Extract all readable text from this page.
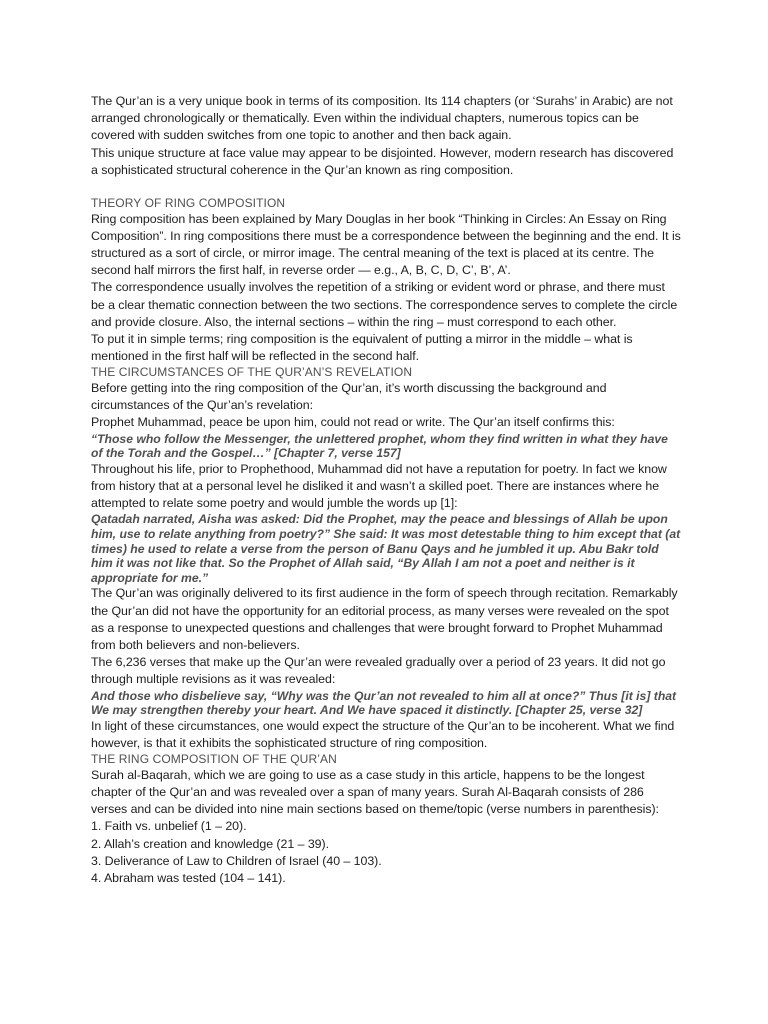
The Qur’an is a very unique book in terms of its composition. Its 114 chapters (or ‘Surahs’ in Arabic) are not arranged chronologically or thematically. Even within the individual chapters, numerous topics can be covered with sudden switches from one topic to another and then back again.

This unique structure at face value may appear to be disjointed. However, modern research has discovered a sophisticated structural coherence in the Qur’an known as ring composition.

THEORY OF RING COMPOSITION

Ring composition has been explained by Mary Douglas in her book “Thinking in Circles: An Essay on Ring Composition”. In ring compositions there must be a correspondence between the beginning and the end. It is structured as a sort of circle, or mirror image. The central meaning of the text is placed at its centre. The second half mirrors the first half, in reverse order — e.g., A, B, C, D, C’, B’, A’.

The correspondence usually involves the repetition of a striking or evident word or phrase, and there must be a clear thematic connection between the two sections. The correspondence serves to complete the circle and provide closure. Also, the internal sections – within the ring – must correspond to each other.

To put it in simple terms; ring composition is the equivalent of putting a mirror in the middle – what is mentioned in the first half will be reflected in the second half.

THE CIRCUMSTANCES OF THE QUR’AN’S REVELATION

Before getting into the ring composition of the Qur’an, it’s worth discussing the background and circumstances of the Qur’an’s revelation:

Prophet Muhammad, peace be upon him, could not read or write. The Qur’an itself confirms this:

“Those who follow the Messenger, the unlettered prophet, whom they find written in what they have of the Torah and the Gospel…” [Chapter 7, verse 157]

Throughout his life, prior to Prophethood, Muhammad did not have a reputation for poetry. In fact we know from history that at a personal level he disliked it and wasn’t a skilled poet. There are instances where he attempted to relate some poetry and would jumble the words up [1]:

Qatadah narrated, Aisha was asked: Did the Prophet, may the peace and blessings of Allah be upon him, use to relate anything from poetry?” She said: It was most detestable thing to him except that (at times) he used to relate a verse from the person of Banu Qays and he jumbled it up. Abu Bakr told him it was not like that. So the Prophet of Allah said, “By Allah I am not a poet and neither is it appropriate for me.”

The Qur’an was originally delivered to its first audience in the form of speech through recitation. Remarkably the Qur’an did not have the opportunity for an editorial process, as many verses were revealed on the spot as a response to unexpected questions and challenges that were brought forward to Prophet Muhammad from both believers and non-believers.

The 6,236 verses that make up the Qur’an were revealed gradually over a period of 23 years. It did not go through multiple revisions as it was revealed:

And those who disbelieve say, “Why was the Qur’an not revealed to him all at once?” Thus [it is] that We may strengthen thereby your heart. And We have spaced it distinctly. [Chapter 25, verse 32]

In light of these circumstances, one would expect the structure of the Qur’an to be incoherent. What we find however, is that it exhibits the sophisticated structure of ring composition.

THE RING COMPOSITION OF THE QUR’AN

Surah al-Baqarah, which we are going to use as a case study in this article, happens to be the longest chapter of the Qur’an and was revealed over a span of many years. Surah Al-Baqarah consists of 286 verses and can be divided into nine main sections based on theme/topic (verse numbers in parenthesis):

1. Faith vs. unbelief (1 – 20).
2. Allah’s creation and knowledge (21 – 39).
3. Deliverance of Law to Children of Israel (40 – 103).
4. Abraham was tested (104 – 141).
